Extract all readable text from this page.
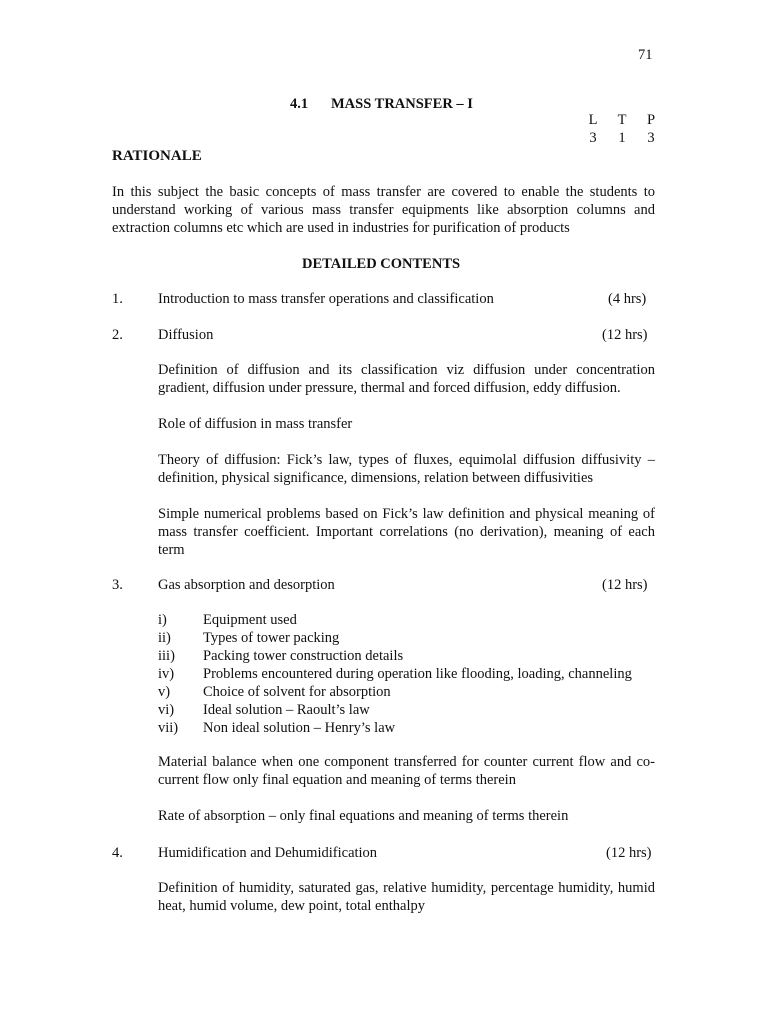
71
4.1 MASS TRANSFER – I
L	T	P
3	1	3
RATIONALE
In this subject the basic concepts of mass transfer are covered to enable the students to understand working of various mass transfer equipments like absorption columns and extraction columns etc which are used in industries for purification of products
DETAILED CONTENTS
1. Introduction to mass transfer operations and classification	(4 hrs)
2. Diffusion	(12 hrs)
Definition of diffusion and its classification viz diffusion under concentration gradient, diffusion under pressure, thermal and forced diffusion, eddy diffusion.
Role of diffusion in mass transfer
Theory of diffusion: Fick’s law, types of fluxes, equimolal diffusion diffusivity – definition, physical significance, dimensions, relation between diffusivities
Simple numerical problems based on Fick’s law definition and physical meaning of mass transfer coefficient. Important correlations (no derivation), meaning of each term
3. Gas absorption and desorption	(12 hrs)
i) Equipment used
ii) Types of tower packing
iii) Packing tower construction details
iv) Problems encountered during operation like flooding, loading, channeling
v) Choice of solvent for absorption
vi) Ideal solution – Raoult’s law
vii) Non ideal solution – Henry’s law
Material balance when one component transferred for counter current flow and co-current flow only final equation and meaning of terms therein
Rate of absorption – only final equations and meaning of terms therein
4. Humidification and Dehumidification	(12 hrs)
Definition of humidity, saturated gas, relative humidity, percentage humidity, humid heat, humid volume, dew point, total enthalpy
